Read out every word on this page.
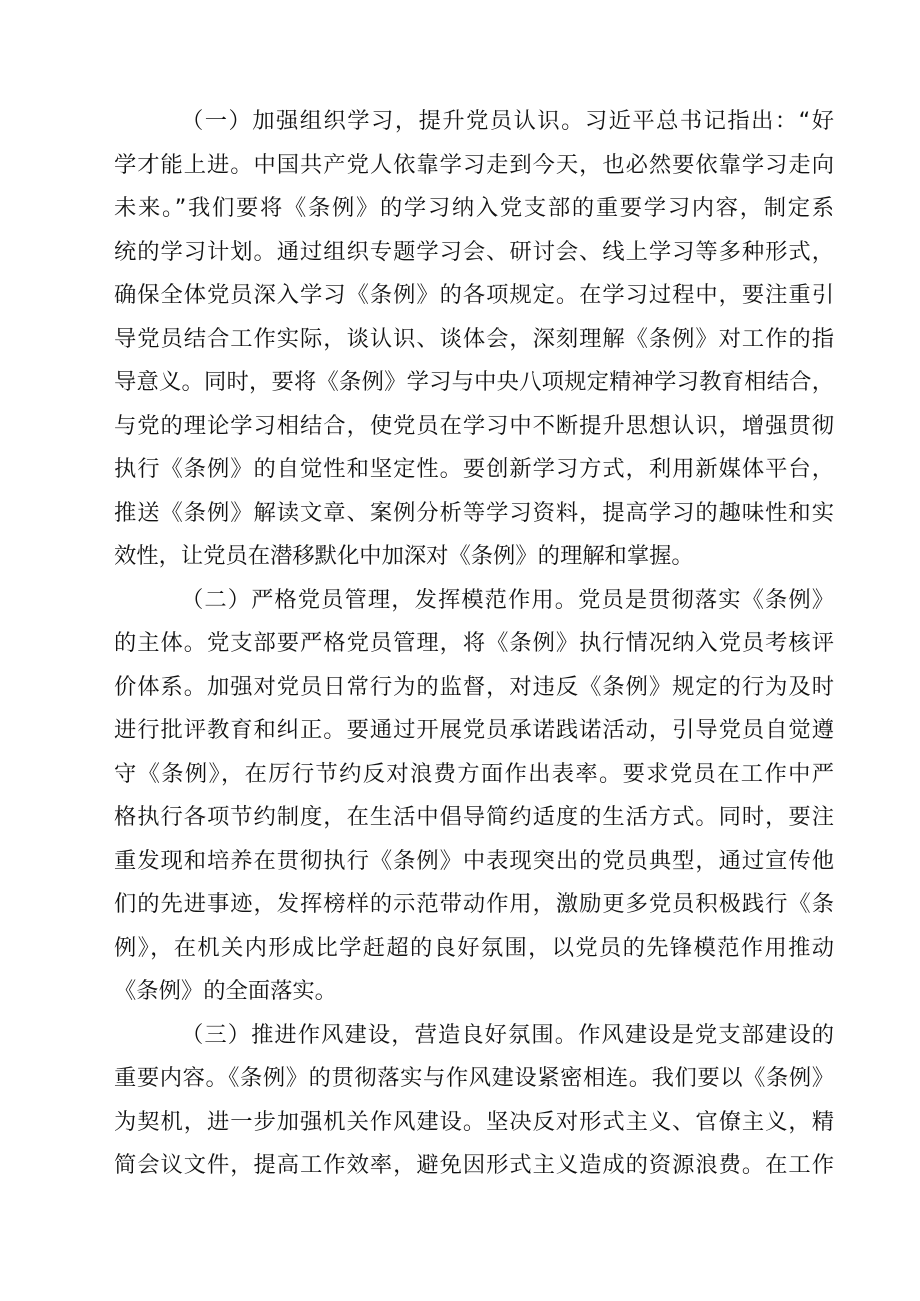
（一）加强组织学习，提升党员认识。习近平总书记指出：“好
学才能上进。中国共产党人依靠学习走到今天，也必然要依靠学习走向
未来。”我们要将《条例》的学习纳入党支部的重要学习内容，制定系
统的学习计划。通过组织专题学习会、研讨会、线上学习等多种形式，
确保全体党员深入学习《条例》的各项规定。在学习过程中，要注重引
导党员结合工作实际，谈认识、谈体会，深刻理解《条例》对工作的指
导意义。同时，要将《条例》学习与中央八项规定精神学习教育相结合，
与党的理论学习相结合，使党员在学习中不断提升思想认识，增强贯彻
执行《条例》的自觉性和坚定性。要创新学习方式，利用新媒体平台，
推送《条例》解读文章、案例分析等学习资料，提高学习的趣味性和实
效性，让党员在潜移默化中加深对《条例》的理解和掌握。
（二）严格党员管理，发挥模范作用。党员是贯彻落实《条例》
的主体。党支部要严格党员管理，将《条例》执行情况纳入党员考核评
价体系。加强对党员日常行为的监督，对违反《条例》规定的行为及时
进行批评教育和纠正。要通过开展党员承诺践诺活动，引导党员自觉遵
守《条例》，在厉行节约反对浪费方面作出表率。要求党员在工作中严
格执行各项节约制度，在生活中倡导简约适度的生活方式。同时，要注
重发现和培养在贯彻执行《条例》中表现突出的党员典型，通过宣传他
们的先进事迹，发挥榜样的示范带动作用，激励更多党员积极践行《条
例》，在机关内形成比学赶超的良好氛围，以党员的先锋模范作用推动
《条例》的全面落实。
（三）推进作风建设，营造良好氛围。作风建设是党支部建设的
重要内容。《条例》的贯彻落实与作风建设紧密相连。我们要以《条例》
为契机，进一步加强机关作风建设。坚决反对形式主义、官僚主义，精
简会议文件，提高工作效率，避免因形式主义造成的资源浪费。在工作
